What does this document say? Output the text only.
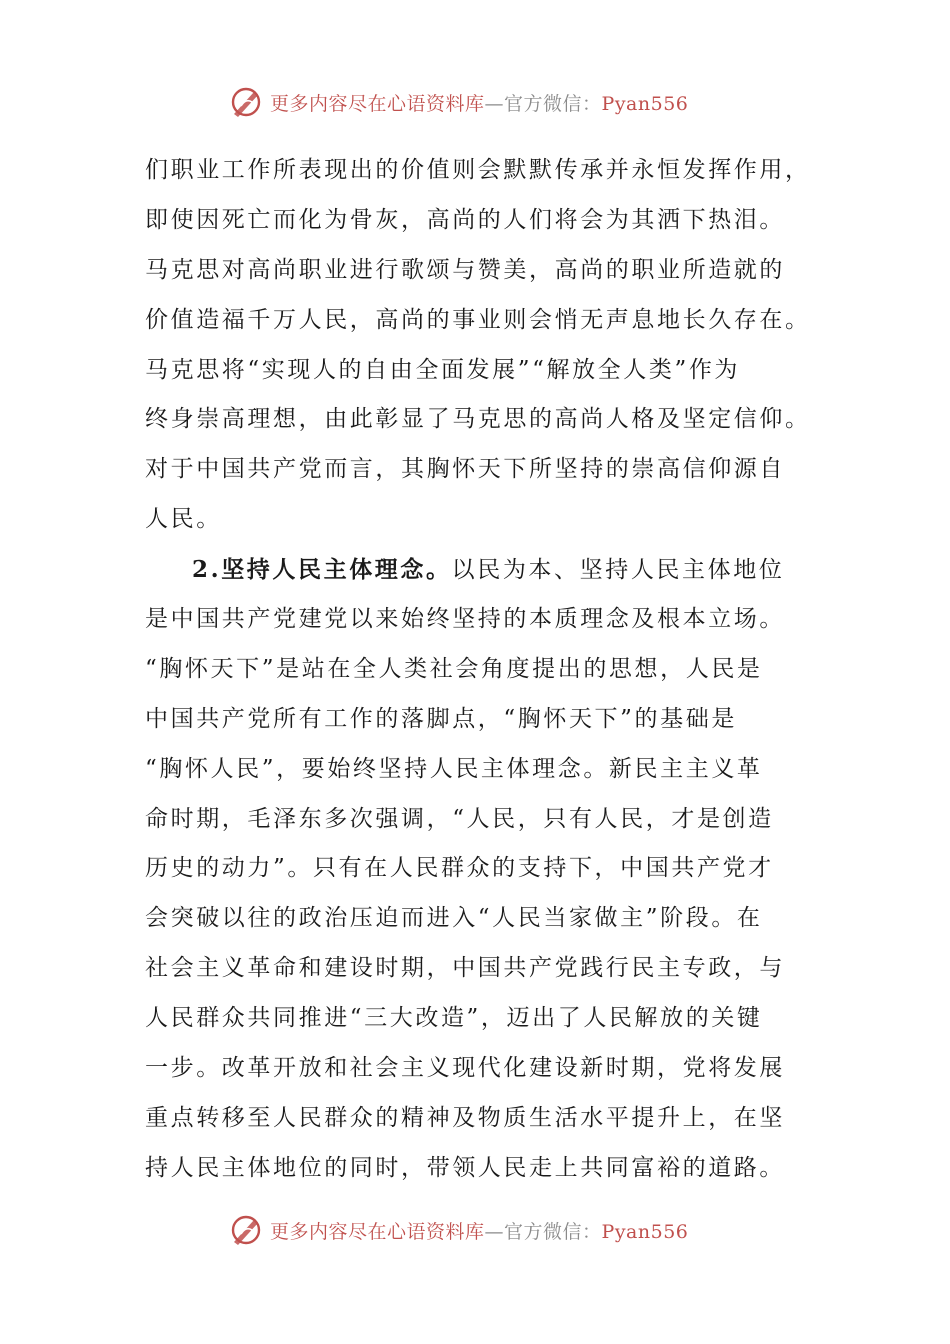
更多内容尽在心语资料库—官方微信：Pyan556
们职业工作所表现出的价值则会默默传承并永恒发挥作用，
即使因死亡而化为骨灰，高尚的人们将会为其洒下热泪。
马克思对高尚职业进行歌颂与赞美，高尚的职业所造就的
价值造福千万人民，高尚的事业则会悄无声息地长久存在。
马克思将“实现人的自由全面发展”“解放全人类”作为
终身崇高理想，由此彰显了马克思的高尚人格及坚定信仰。
对于中国共产党而言，其胸怀天下所坚持的崇高信仰源自
人民。
2.坚持人民主体理念。以民为本、坚持人民主体地位
是中国共产党建党以来始终坚持的本质理念及根本立场。
“胸怀天下”是站在全人类社会角度提出的思想，人民是
中国共产党所有工作的落脚点，“胸怀天下”的基础是
“胸怀人民”，要始终坚持人民主体理念。新民主主义革
命时期，毛泽东多次强调，“人民，只有人民，才是创造
历史的动力”。只有在人民群众的支持下，中国共产党才
会突破以往的政治压迫而进入“人民当家做主”阶段。在
社会主义革命和建设时期，中国共产党践行民主专政，与
人民群众共同推进“三大改造”，迈出了人民解放的关键
一步。改革开放和社会主义现代化建设新时期，党将发展
重点转移至人民群众的精神及物质生活水平提升上，在坚
持人民主体地位的同时，带领人民走上共同富裕的道路。
更多内容尽在心语资料库—官方微信：Pyan556
